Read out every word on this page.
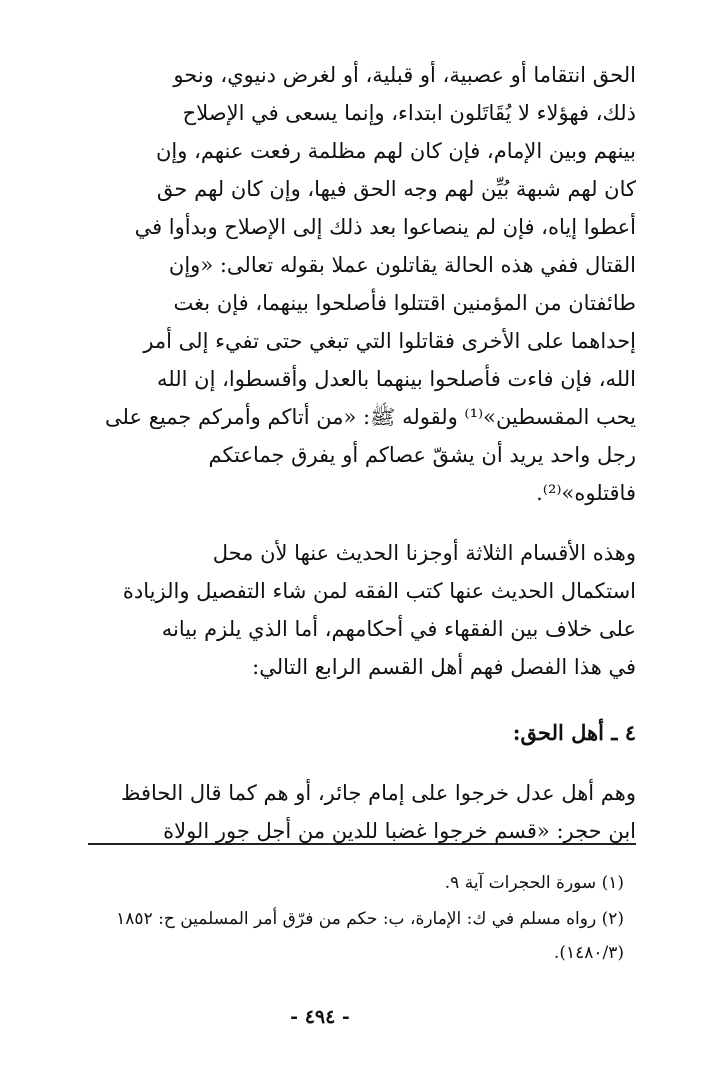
الحق انتقاما أو عصبية، أو قبلية، أو لغرض دنيوي، ونحو
ذلك، فهؤلاء لا يُقَاتَلون ابتداء، وإنما يسعى في الإصلاح
بينهم وبين الإمام، فإن كان لهم مظلمة رفعت عنهم، وإن
كان لهم شبهة بُيِّن لهم وجه الحق فيها، وإن كان لهم حق
أعطوا إياه، فإن لم ينصاعوا بعد ذلك إلى الإصلاح وبدأوا في
القتال ففي هذه الحالة يقاتلون عملا بقوله تعالى: «وإن
طائفتان من المؤمنين اقتتلوا فأصلحوا بينهما، فإن بغت
إحداهما على الأخرى فقاتلوا التي تبغي حتى تفيء إلى أمر
الله، فإن فاءت فأصلحوا بينهما بالعدل وأقسطوا، إن الله
يحب المقسطين»⁽¹⁾ ولقوله ﷺ: «من أتاكم وأمركم جميع على
رجل واحد يريد أن يشقّ عصاكم أو يفرق جماعتكم
فاقتلوه»⁽²⁾.
وهذه الأقسام الثلاثة أوجزنا الحديث عنها لأن محل
استكمال الحديث عنها كتب الفقه لمن شاء التفصيل والزيادة
على خلاف بين الفقهاء في أحكامهم، أما الذي يلزم بيانه
في هذا الفصل فهم أهل القسم الرابع التالي:
٤ ـ أهل الحق:
وهم أهل عدل خرجوا على إمام جائر، أو هم كما قال الحافظ
ابن حجر: «قسم خرجوا غضبا للدين من أجل جور الولاة
(١) سورة الحجرات آية ٩.
(٢) رواه مسلم في ك: الإمارة، ب: حكم من فرّق أمر المسلمين ح: ١٨٥٢
(١٤٨٠/٣).
- ٤٩٤ -
